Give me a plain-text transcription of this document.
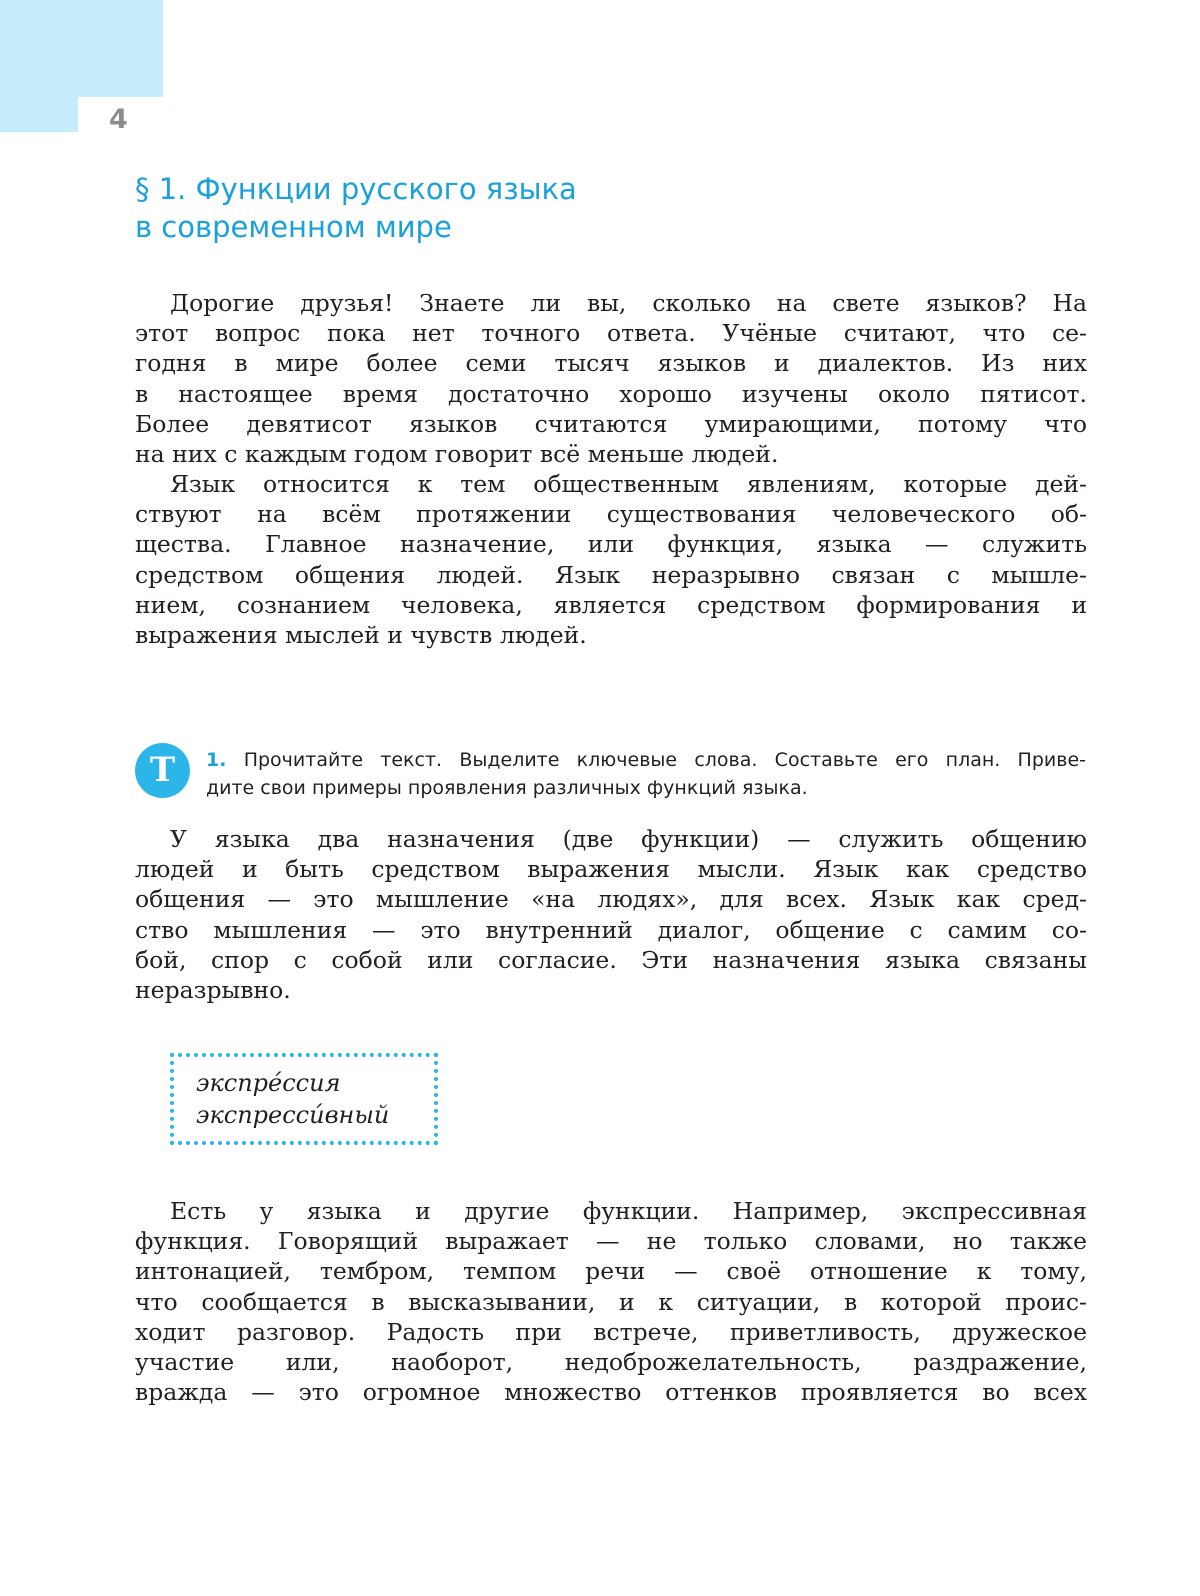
4
§ 1. Функции русского языка
в современном мире
Дорогие друзья! Знаете ли вы, сколько на свете языков? На
этот вопрос пока нет точного ответа. Учёные считают, что се-
годня в мире более семи тысяч языков и диалектов. Из них
в настоящее время достаточно хорошо изучены около пятисот.
Более девятисот языков считаются умирающими, потому что
на них с каждым годом говорит всё меньше людей.
Язык относится к тем общественным явлениям, которые дей-
ствуют на всём протяжении существования человеческого об-
щества. Главное назначение, или функция, языка — служить
средством общения людей. Язык неразрывно связан с мышле-
нием, сознанием человека, является средством формирования и
выражения мыслей и чувств людей.
Т	1. Прочитайте текст. Выделите ключевые слова. Составьте его план. Приве-
дите свои примеры проявления различных функций языка.
У языка два назначения (две функции) — служить общению
людей и быть средством выражения мысли. Язык как средство
общения — это мышление «на людях», для всех. Язык как сред-
ство мышления — это внутренний диалог, общение с самим со-
бой, спор с собой или согласие. Эти назначения языка связаны
неразрывно.
экспре́ссия
экспресси́вный
Есть у языка и другие функции. Например, экспрессивная
функция. Говорящий выражает — не только словами, но также
интонацией, тембром, темпом речи — своё отношение к тому,
что сообщается в высказывании, и к ситуации, в которой проис-
ходит разговор. Радость при встрече, приветливость, дружеское
участие или, наоборот, недоброжелательность, раздражение,
вражда — это огромное множество оттенков проявляется во всех
